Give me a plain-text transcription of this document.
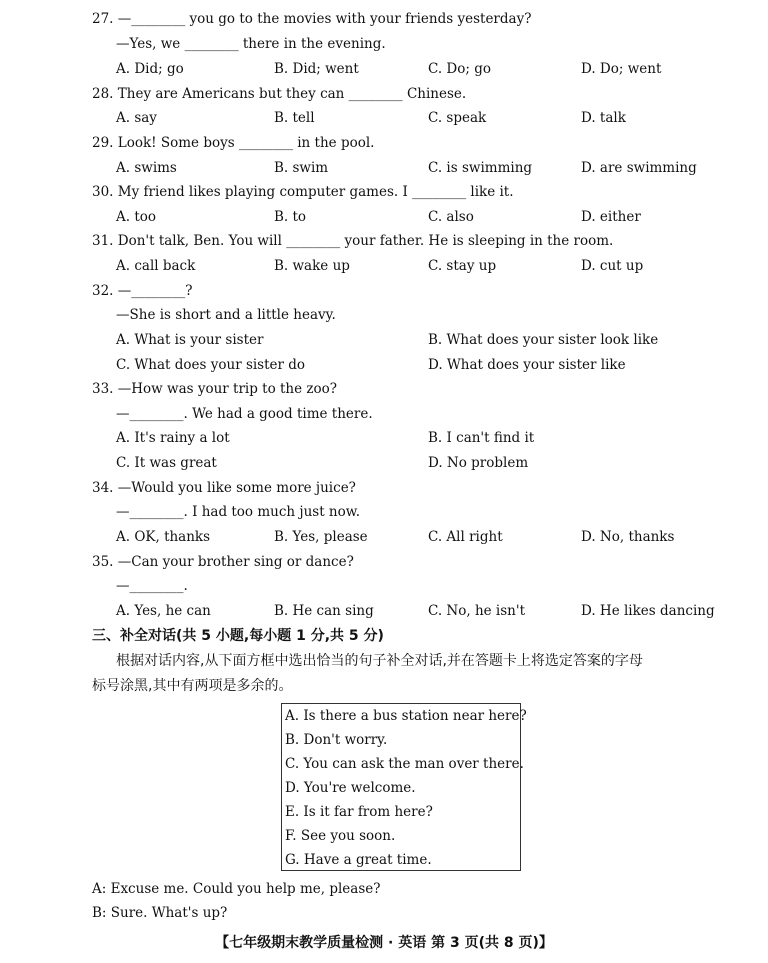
27. —________ you go to the movies with your friends yesterday?
—Yes, we ________ there in the evening.
A. Did; go	B. Did; went	C. Do; go	D. Do; went
28. They are Americans but they can ________ Chinese.
A. say	B. tell	C. speak	D. talk
29. Look! Some boys ________ in the pool.
A. swims	B. swim	C. is swimming	D. are swimming
30. My friend likes playing computer games. I ________ like it.
A. too	B. to	C. also	D. either
31. Don't talk, Ben. You will ________ your father. He is sleeping in the room.
A. call back	B. wake up	C. stay up	D. cut up
32. —________?
—She is short and a little heavy.
A. What is your sister	B. What does your sister look like
C. What does your sister do	D. What does your sister like
33. —How was your trip to the zoo?
—________. We had a good time there.
A. It's rainy a lot	B. I can't find it
C. It was great	D. No problem
34. —Would you like some more juice?
—________. I had too much just now.
A. OK, thanks	B. Yes, please	C. All right	D. No, thanks
35. —Can your brother sing or dance?
—________.
A. Yes, he can	B. He can sing	C. No, he isn't	D. He likes dancing
三、补全对话(共 5 小题,每小题 1 分,共 5 分)
根据对话内容,从下面方框中选出恰当的句子补全对话,并在答题卡上将选定答案的字母
标号涂黑,其中有两项是多余的。
A. Is there a bus station near here?
B. Don't worry.
C. You can ask the man over there.
D. You're welcome.
E. Is it far from here?
F. See you soon.
G. Have a great time.
A: Excuse me. Could you help me, please?
B: Sure. What's up?
【七年级期末教学质量检测 · 英语 第 3 页(共 8 页)】
